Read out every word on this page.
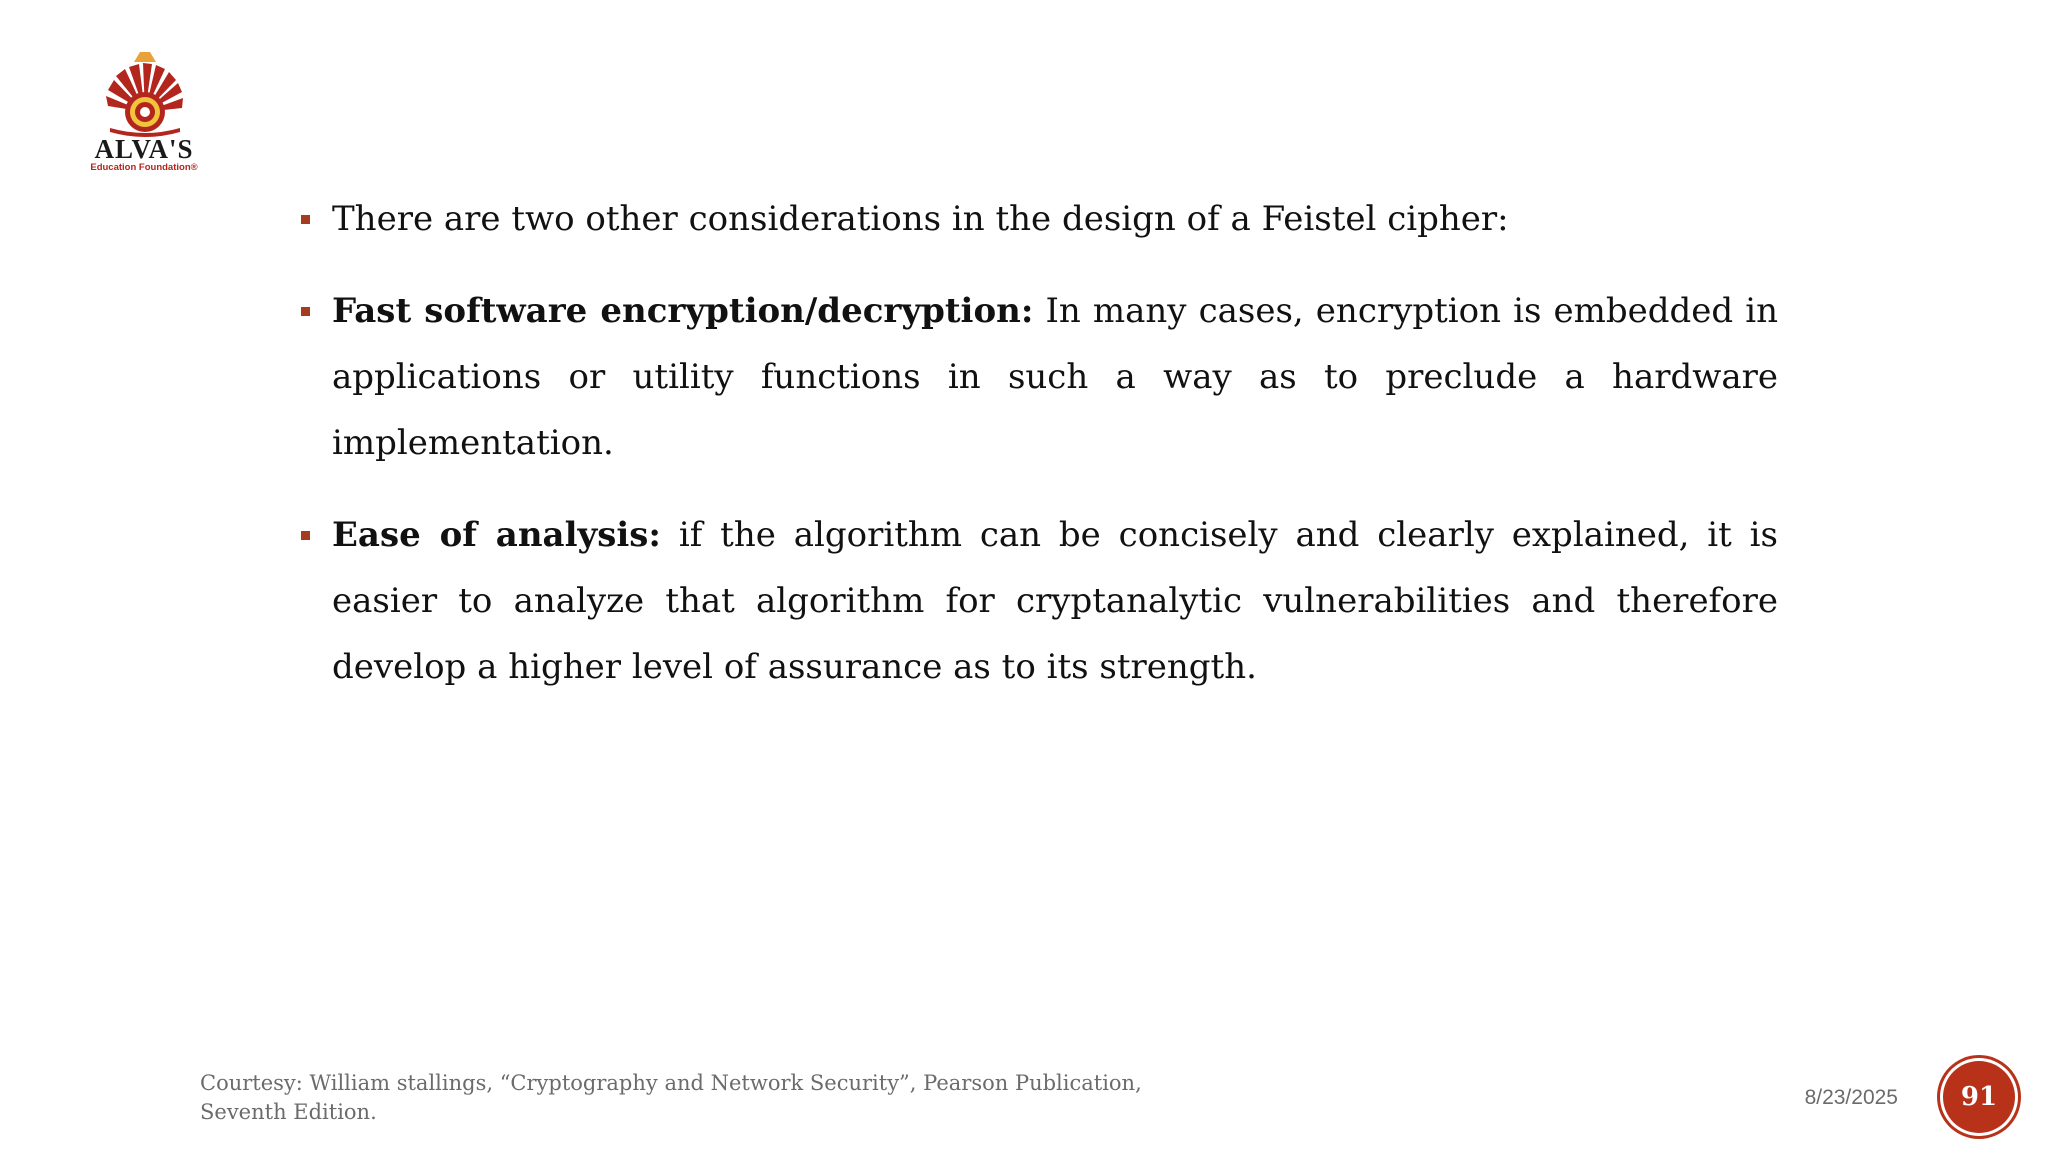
ALVA'S
Education Foundation®
There are two other considerations in the design of a Feistel cipher:
Fast software encryption/decryption: In many cases, encryption is embedded in applications or utility functions in such a way as to preclude a hardware implementation.
Ease of analysis: if the algorithm can be concisely and clearly explained, it is easier to analyze that algorithm for cryptanalytic vulnerabilities and therefore develop a higher level of assurance as to its strength.
Courtesy: William stallings, “Cryptography and Network Security”, Pearson Publication,
Seventh Edition.
8/23/2025 91
